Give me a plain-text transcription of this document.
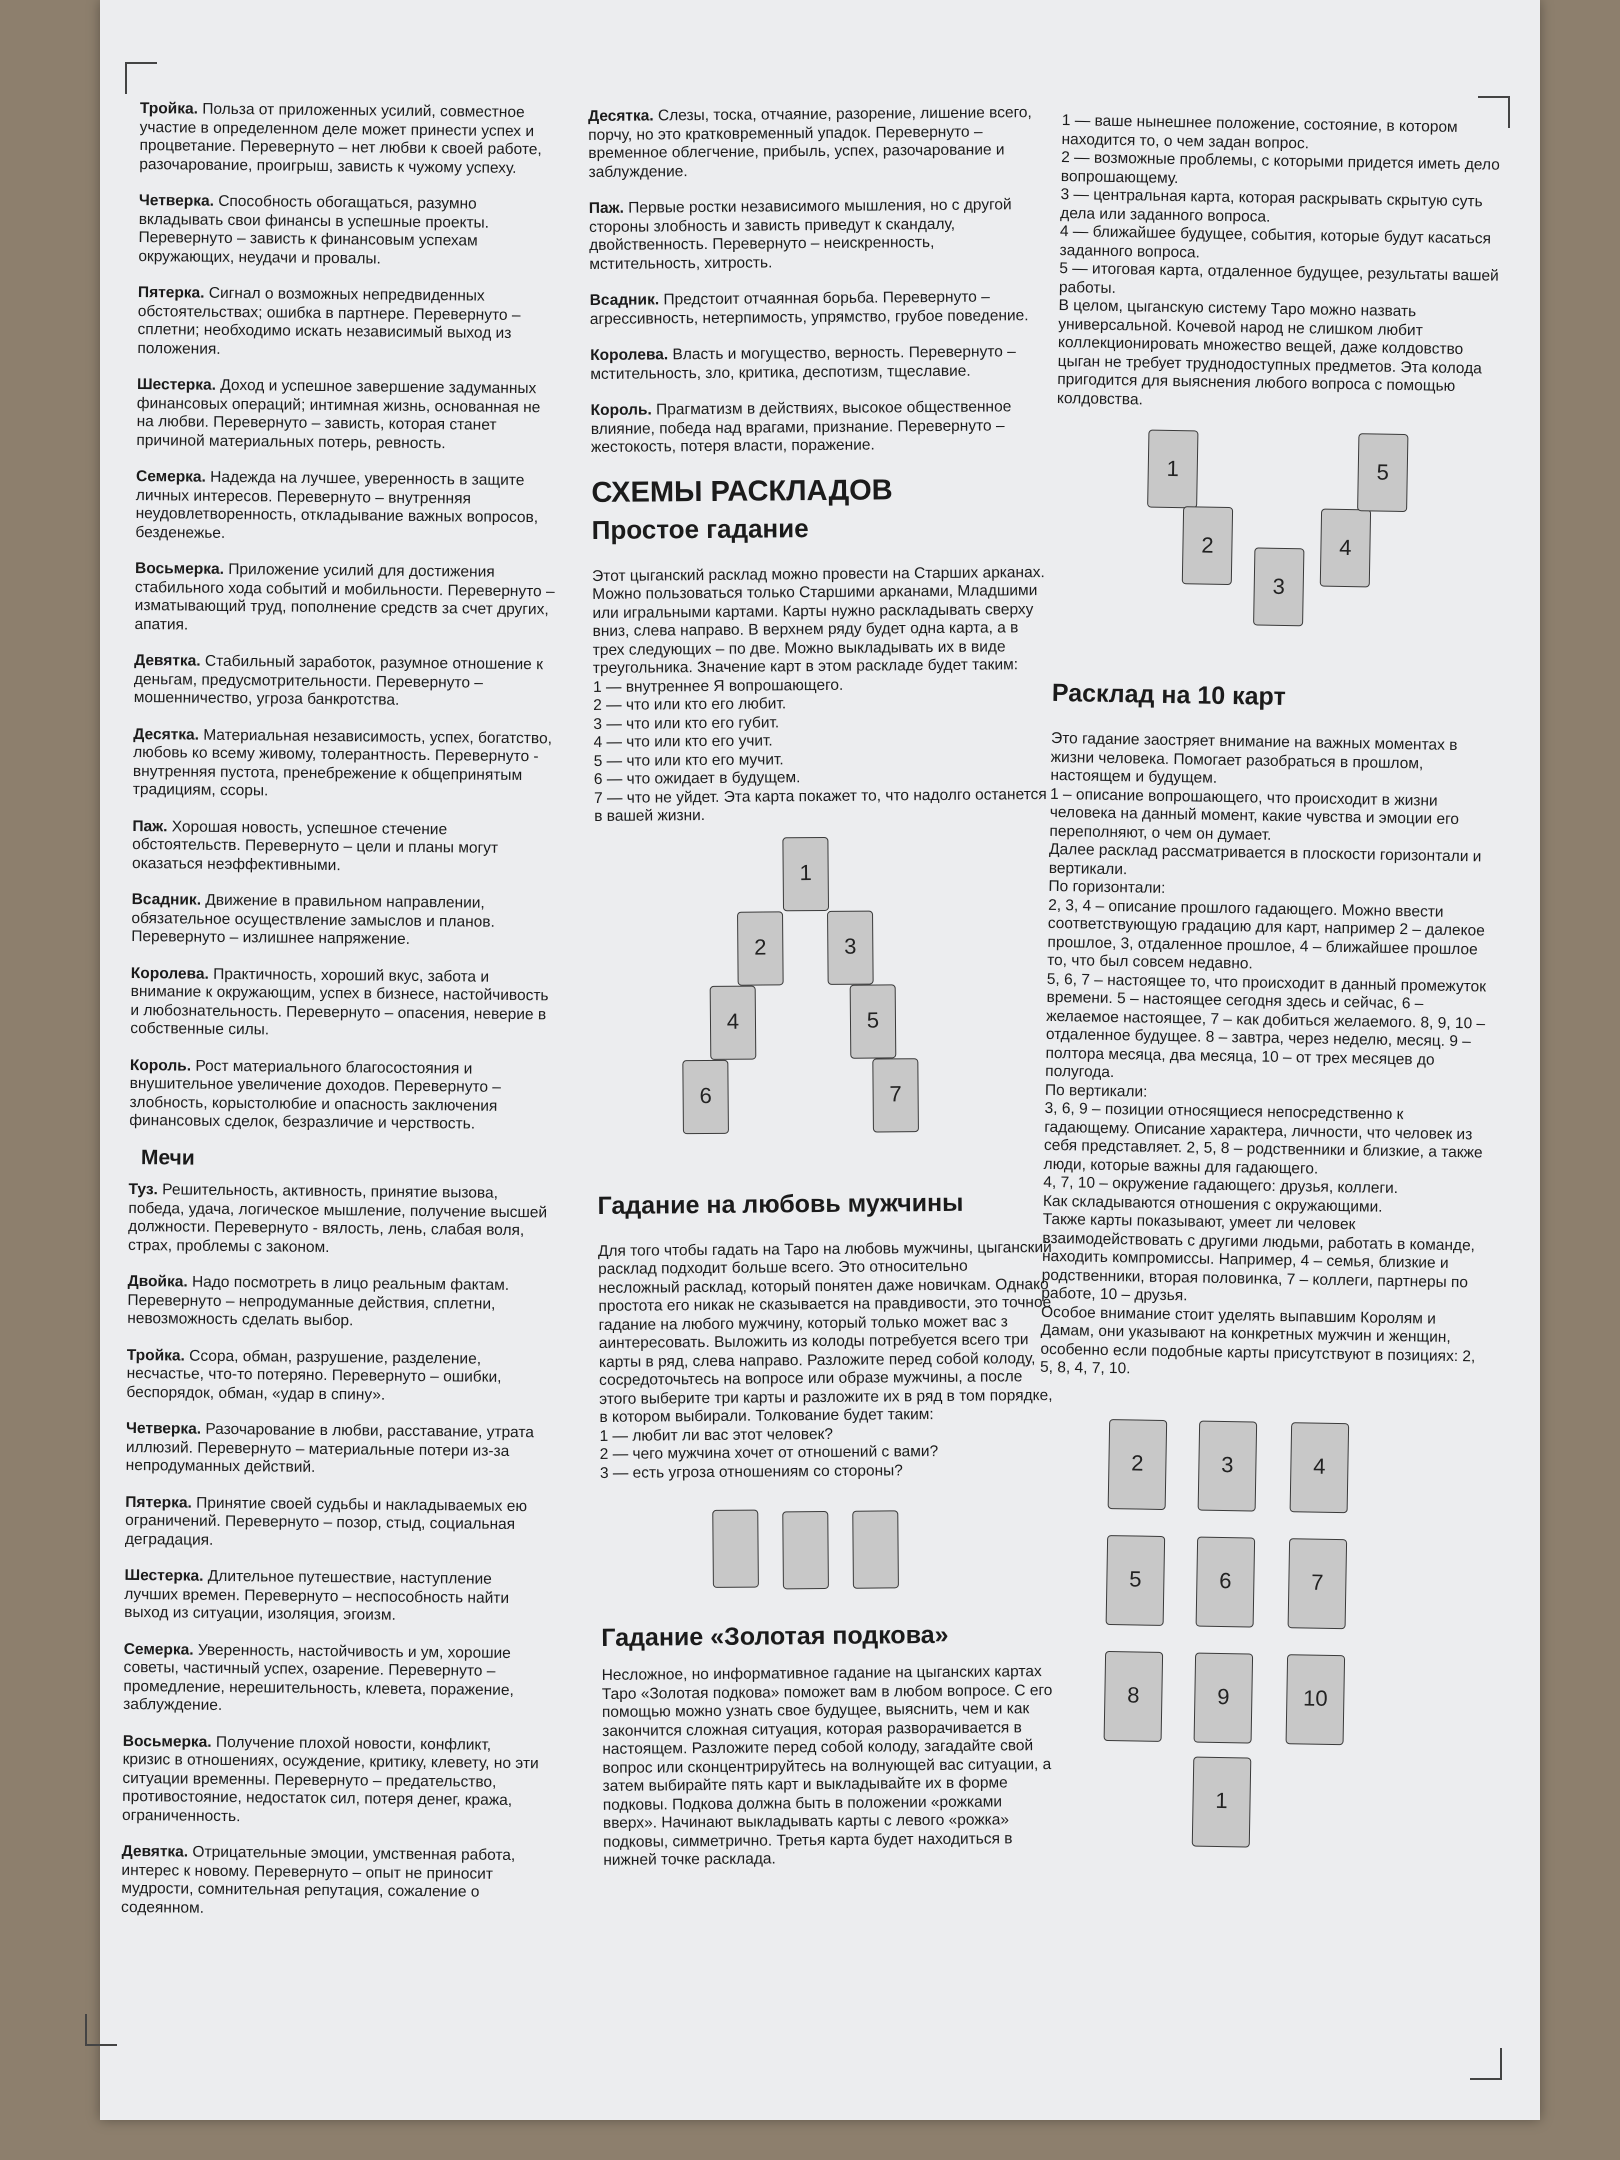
Тройка. Польза от приложенных усилий, совместное участие в определенном деле может принести успех и процветание. Перевернуто – нет любви к своей работе, разочарование, проигрыш, зависть к чужому успеху.

Четверка. Способность обогащаться, разумно вкладывать свои финансы в успешные проекты. Перевернуто – зависть к финансовым успехам окружающих, неудачи и провалы.

Пятерка. Сигнал о возможных непредвиденных обстоятельствах; ошибка в партнере. Перевернуто – сплетни; необходимо искать независимый выход из положения.

Шестерка. Доход и успешное завершение задуманных финансовых операций; интимная жизнь, основанная не на любви. Перевернуто – зависть, которая станет причиной материальных потерь, ревность.

Семерка. Надежда на лучшее, уверенность в защите личных интересов. Перевернуто – внутренняя неудовлетворенность, откладывание важных вопросов, безденежье.

Восьмерка. Приложение усилий для достижения стабильного хода событий и мобильности. Перевернуто – изматывающий труд, пополнение средств за счет других, апатия.

Девятка. Стабильный заработок, разумное отношение к деньгам, предусмотрительности. Перевернуто – мошенничество, угроза банкротства.

Десятка. Материальная независимость, успех, богатство, любовь ко всему живому, толерантность. Перевернуто - внутренняя пустота, пренебрежение к общепринятым традициям, ссоры.

Паж. Хорошая новость, успешное стечение обстоятельств. Перевернуто – цели и планы могут оказаться неэффективными.

Всадник. Движение в правильном направлении, обязательное осуществление замыслов и планов. Перевернуто – излишнее напряжение.

Королева. Практичность, хороший вкус, забота и внимание к окружающим, успех в бизнесе, настойчивость и любознательность. Перевернуто – опасения, неверие в собственные силы.

Король. Рост материального благосостояния и внушительное увеличение доходов. Перевернуто – злобность, корыстолюбие и опасность заключения финансовых сделок, безразличие и черствость.

Мечи

Туз. Решительность, активность, принятие вызова, победа, удача, логическое мышление, получение высшей должности. Перевернуто - вялость, лень, слабая воля, страх, проблемы с законом.

Двойка. Надо посмотреть в лицо реальным фактам. Перевернуто – непродуманные действия, сплетни, невозможность сделать выбор.

Тройка. Ссора, обман, разрушение, разделение, несчастье, что-то потеряно. Перевернуто – ошибки, беспорядок, обман, «удар в спину».

Четверка. Разочарование в любви, расставание, утрата иллюзий. Перевернуто – материальные потери из-за непродуманных действий.

Пятерка. Принятие своей судьбы и накладываемых ею ограничений. Перевернуто – позор, стыд, социальная деградация.

Шестерка. Длительное путешествие, наступление лучших времен. Перевернуто – неспособность найти выход из ситуации, изоляция, эгоизм.

Семерка. Уверенность, настойчивость и ум, хорошие советы, частичный успех, озарение. Перевернуто – промедление, нерешительность, клевета, поражение, заблуждение.

Восьмерка. Получение плохой новости, конфликт, кризис в отношениях, осуждение, критику, клевету, но эти ситуации временны. Перевернуто – предательство, противостояние, недостаток сил, потеря денег, кража, ограниченность.

Девятка. Отрицательные эмоции, умственная работа, интерес к новому. Перевернуто – опыт не приносит мудрости, сомнительная репутация, сожаление о содеянном.

Десятка. Слезы, тоска, отчаяние, разорение, лишение всего, порчу, но это кратковременный упадок. Перевернуто – временное облегчение, прибыль, успех, разочарование и заблуждение.

Паж. Первые ростки независимого мышления, но с другой стороны злобность и зависть приведут к скандалу, двойственность. Перевернуто – неискренность, мстительность, хитрость.

Всадник. Предстоит отчаянная борьба. Перевернуто – агрессивность, нетерпимость, упрямство, грубое поведение.

Королева. Власть и могущество, верность. Перевернуто – мстительность, зло, критика, деспотизм, тщеславие.

Король. Прагматизм в действиях, высокое общественное влияние, победа над врагами, признание. Перевернуто – жестокость, потеря власти, поражение.

СХЕМЫ РАСКЛАДОВ
Простое гадание

Этот цыганский расклад можно провести на Старших арканах. Можно пользоваться только Старшими арканами, Младшими или игральными картами. Карты нужно раскладывать сверху вниз, слева направо. В верхнем ряду будет одна карта, а в трех следующих – по две. Можно выкладывать их в виде треугольника. Значение карт в этом раскладе будет таким:

1 — внутреннее Я вопрошающего.

2 — что или кто его любит.

3 — что или кто его губит.

4 — что или кто его учит.

5 — что или кто его мучит.

6 — что ожидает в будущем.

7 — что не уйдет. Эта карта покажет то, что надолго останется в вашей жизни.

1
2	3
4	5
6	7
Гадание на любовь мужчины

Для того чтобы гадать на Таро на любовь мужчины, цыганский расклад подходит больше всего. Это относительно несложный расклад, который понятен даже новичкам. Однако простота его никак не сказывается на правдивости, это точное гадание на любого мужчину, который только может вас з аинтересовать. Выложить из колоды потребуется всего три карты в ряд, слева направо. Разложите перед собой колоду, сосредоточьтесь на вопросе или образе мужчины, а после этого выберите три карты и разложите их в ряд в том порядке, в котором выбирали. Толкование будет таким:

1 — любит ли вас этот человек?

2 — чего мужчина хочет от отношений с вами?

3 — есть угроза отношениям со стороны?

Гадание «Золотая подкова»

Несложное, но информативное гадание на цыганских картах Таро «Золотая подкова» поможет вам в любом вопросе. С его помощью можно узнать свое будущее, выяснить, чем и как закончится сложная ситуация, которая разворачивается в настоящем. Разложите перед собой колоду, загадайте свой вопрос или сконцентрируйтесь на волнующей вас ситуации, а затем выбирайте пять карт и выкладывайте их в форме подковы. Подкова должна быть в положении «рожками вверх». Начинают выкладывать карты с левого «рожка» подковы, симметрично. Третья карта будет находиться в нижней точке расклада.

1 — ваше нынешнее положение, состояние, в котором находится то, о чем задан вопрос.

2 — возможные проблемы, с которыми придется иметь дело вопрошающему.

3 — центральная карта, которая раскрывать скрытую суть дела или заданного вопроса.

4 — ближайшее будущее, события, которые будут касаться заданного вопроса.

5 — итоговая карта, отдаленное будущее, результаты вашей работы.

В целом, цыганскую систему Таро можно назвать универсальной. Кочевой народ не слишком любит коллекционировать множество вещей, даже колдовство цыган не требует труднодоступных предметов. Эта колода пригодится для выяснения любого вопроса с помощью колдовства.

1
2
3
4
5
Расклад на 10 карт

Это гадание заостряет внимание на важных моментах в жизни человека. Помогает разобраться в прошлом, настоящем и будущем.

1 – описание вопрошающего, что происходит в жизни человека на данный момент, какие чувства и эмоции его переполняют, о чем он думает.

Далее расклад рассматривается в плоскости горизонтали и вертикали.

По горизонтали:

2, 3, 4 – описание прошлого гадающего. Можно ввести соответствующую градацию для карт, например 2 – далекое прошлое, 3, отдаленное прошлое, 4 – ближайшее прошлое то, что был совсем недавно.

5, 6, 7 – настоящее то, что происходит в данный промежуток времени. 5 – настоящее сегодня здесь и сейчас, 6 – желаемое настоящее, 7 – как добиться желаемого. 8, 9, 10 – отдаленное будущее. 8 – завтра, через неделю, месяц. 9 – полтора месяца, два месяца, 10 – от трех месяцев до полугода.

По вертикали:

3, 6, 9 – позиции относящиеся непосредственно к гадающему. Описание характера, личности, что человек из себя представляет. 2, 5, 8 – родственники и близкие, а также люди, которые важны для гадающего.

4, 7, 10 – окружение гадающего: друзья, коллеги.

Как складываются отношения с окружающими.

Также карты показывают, умеет ли человек взаимодействовать с другими людьми, работать в команде, находить компромиссы. Например, 4 – семья, близкие и родственники, вторая половинка, 7 – коллеги, партнеры по работе, 10 – друзья.

Особое внимание стоит уделять выпавшим Королям и Дамам, они указывают на конкретных мужчин и женщин, особенно если подобные карты присутствуют в позициях: 2, 5, 8, 4, 7, 10.

2	3	4
5	6	7
8	9	10
1
